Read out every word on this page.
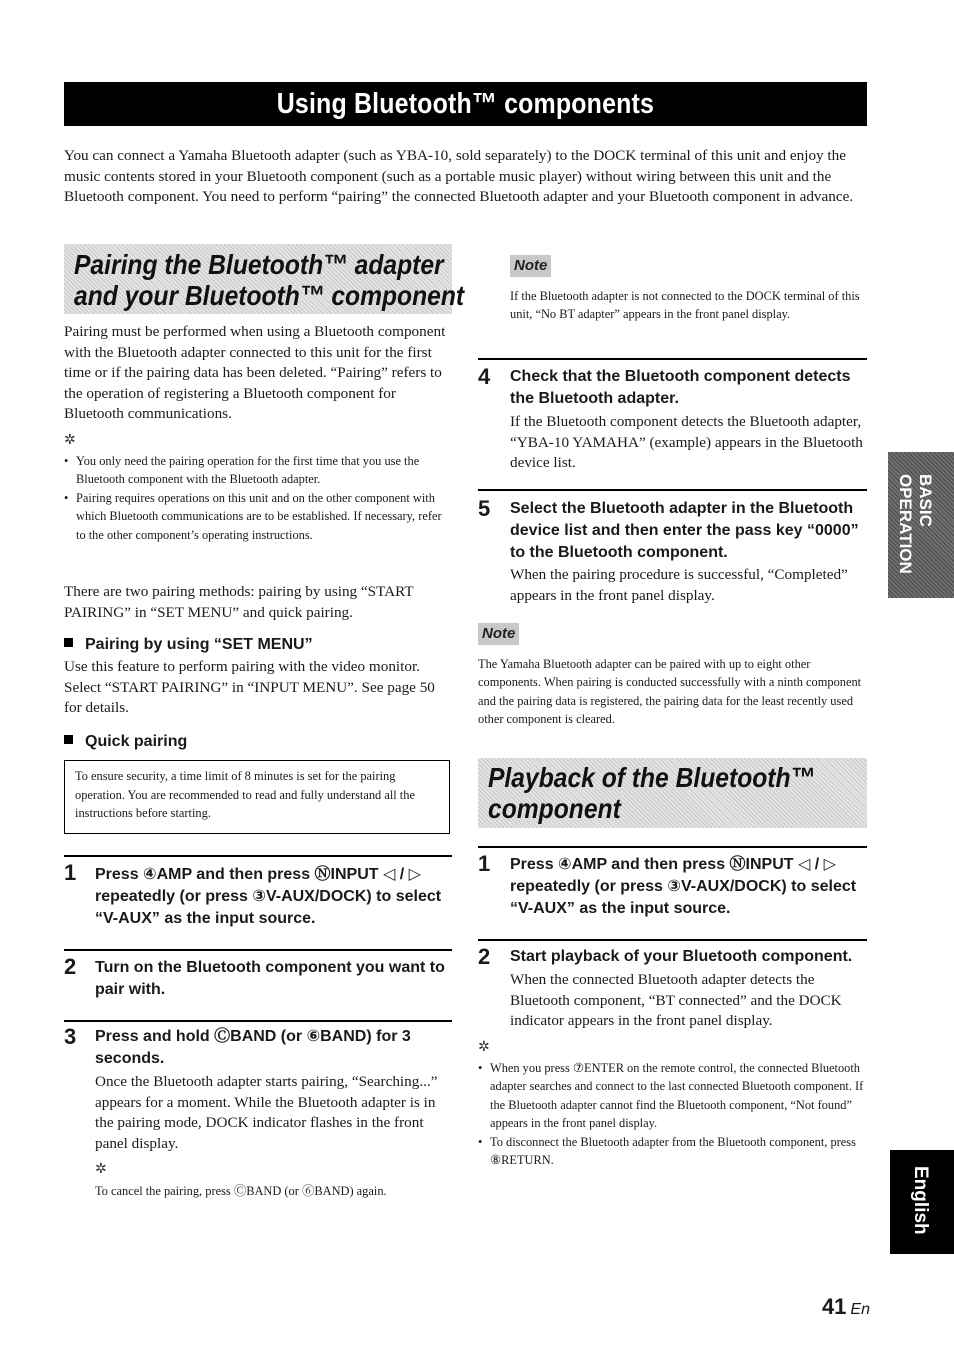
Using Bluetooth™ components
You can connect a Yamaha Bluetooth adapter (such as YBA-10, sold separately) to the DOCK terminal of this unit and enjoy the music contents stored in your Bluetooth component (such as a portable music player) without wiring between this unit and the Bluetooth component. You need to perform “pairing” the connected Bluetooth adapter and your Bluetooth component in advance.
Pairing the Bluetooth™ adapter
and your Bluetooth™ component
Pairing must be performed when using a Bluetooth component with the Bluetooth adapter connected to this unit for the first time or if the pairing data has been deleted. “Pairing” refers to the operation of registering a Bluetooth component for Bluetooth communications.
✲
• You only need the pairing operation for the first time that you use the Bluetooth component with the Bluetooth adapter.
• Pairing requires operations on this unit and on the other component with which Bluetooth communications are to be established. If necessary, refer to the other component’s operating instructions.
There are two pairing methods: pairing by using “START PAIRING” in “SET MENU” and quick pairing.
Pairing by using “SET MENU”
Use this feature to perform pairing with the video monitor. Select “START PAIRING” in “INPUT MENU”. See page 50 for details.
Quick pairing
To ensure security, a time limit of 8 minutes is set for the pairing operation. You are recommended to read and fully understand all the instructions before starting.
1 Press ④AMP and then press ⓃINPUT ◁ / ▷ repeatedly (or press ③V-AUX/DOCK) to select “V-AUX” as the input source.
2 Turn on the Bluetooth component you want to pair with.
3 Press and hold ⒸBAND (or ⑥BAND) for 3 seconds.
Once the Bluetooth adapter starts pairing, “Searching...” appears for a moment. While the Bluetooth adapter is in the pairing mode, DOCK indicator flashes in the front panel display.
✲
To cancel the pairing, press ⒸBAND (or ⑥BAND) again.
Note
If the Bluetooth adapter is not connected to the DOCK terminal of this unit, “No BT adapter” appears in the front panel display.
4 Check that the Bluetooth component detects the Bluetooth adapter.
If the Bluetooth component detects the Bluetooth adapter, “YBA-10 YAMAHA” (example) appears in the Bluetooth device list.
5 Select the Bluetooth adapter in the Bluetooth device list and then enter the pass key “0000” to the Bluetooth component.
When the pairing procedure is successful, “Completed” appears in the front panel display.
Note
The Yamaha Bluetooth adapter can be paired with up to eight other components. When pairing is conducted successfully with a ninth component and the pairing data is registered, the pairing data for the least recently used other component is cleared.
Playback of the Bluetooth™
component
1 Press ④AMP and then press ⓃINPUT ◁ / ▷ repeatedly (or press ③V-AUX/DOCK) to select “V-AUX” as the input source.
2 Start playback of your Bluetooth component.
When the connected Bluetooth adapter detects the Bluetooth component, “BT connected” and the DOCK indicator appears in the front panel display.
✲
• When you press ⑦ENTER on the remote control, the connected Bluetooth adapter searches and connect to the last connected Bluetooth component. If the Bluetooth adapter cannot find the Bluetooth component, “Not found” appears in the front panel display.
• To disconnect the Bluetooth adapter from the Bluetooth component, press ⑧RETURN.
BASIC
OPERATION
English
41 En
